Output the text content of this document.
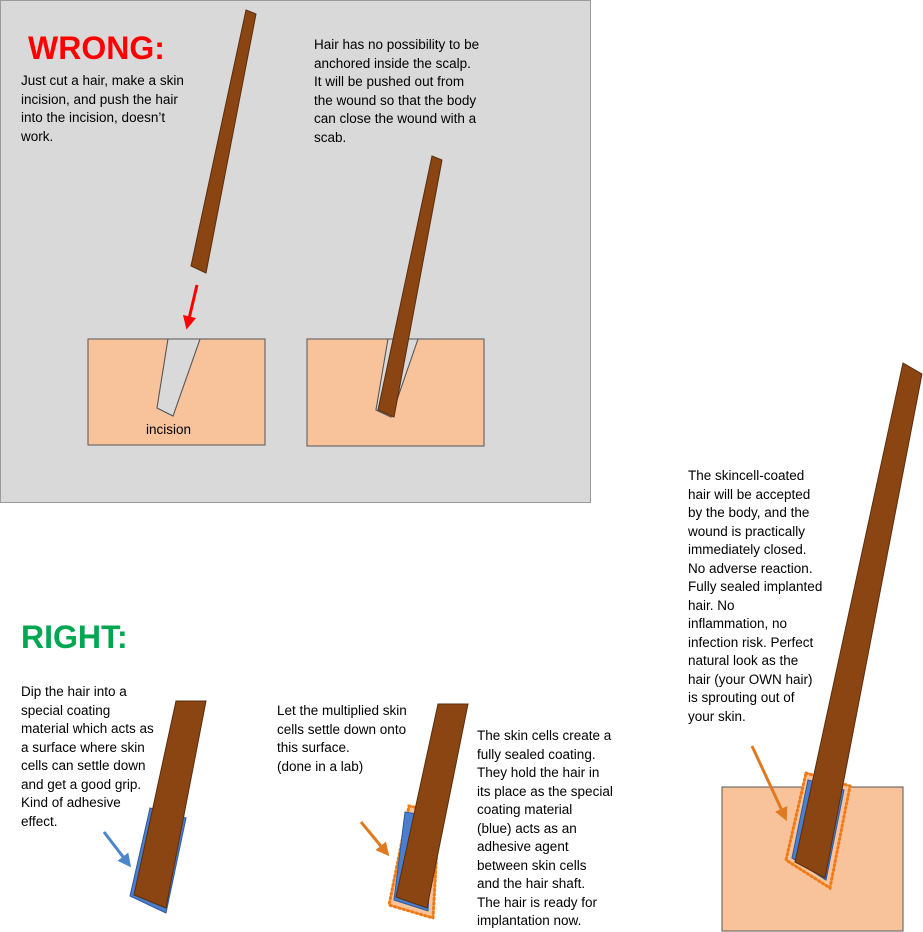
WRONG:

Just cut a hair, make a skin
incision, and push the hair
into the incision, doesn’t
work.

Hair has no possibility to be
anchored inside the scalp.
It will be pushed out from
the wound so that the body
can close the wound with a
scab.

incision

RIGHT:

Dip the hair into a
special coating
material which acts as
a surface where skin
cells can settle down
and get a good grip.
Kind of adhesive
effect.

Let the multiplied skin
cells settle down onto
this surface.
(done in a lab)

The skin cells create a
fully sealed coating.
They hold the hair in
its place as the special
coating material
(blue) acts as an
adhesive agent
between skin cells
and the hair shaft.
The hair is ready for
implantation now.

The skincell-coated
hair will be accepted
by the body, and the
wound is practically
immediately closed.
No adverse reaction.
Fully sealed implanted
hair. No
inflammation, no
infection risk. Perfect
natural look as the
hair (your OWN hair)
is sprouting out of
your skin.
